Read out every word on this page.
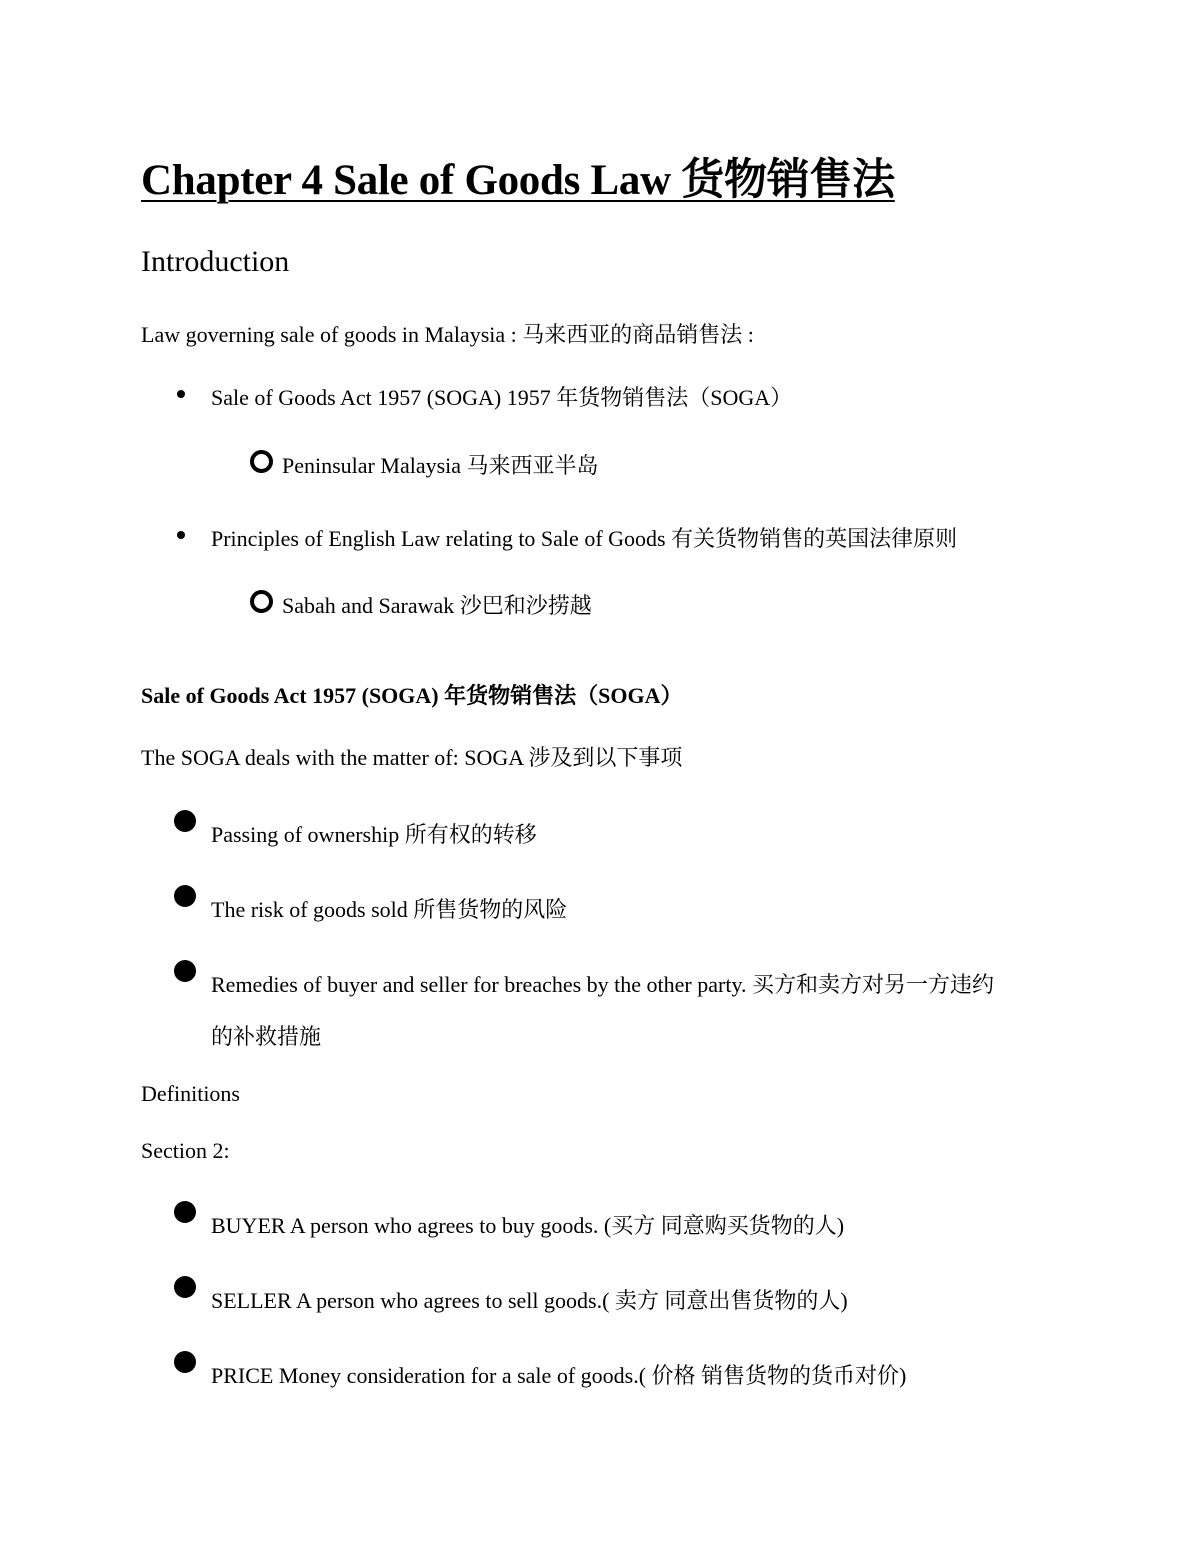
Chapter 4 Sale of Goods Law 货物销售法
Introduction
Law governing sale of goods in Malaysia : 马来西亚的商品销售法 :
Sale of Goods Act 1957 (SOGA) 1957 年货物销售法（SOGA）
Peninsular Malaysia 马来西亚半岛
Principles of English Law relating to Sale of Goods 有关货物销售的英国法律原则
Sabah and Sarawak 沙巴和沙捞越
Sale of Goods Act 1957 (SOGA) 年货物销售法（SOGA）
The SOGA deals with the matter of: SOGA 涉及到以下事项
Passing of ownership 所有权的转移
The risk of goods sold 所售货物的风险
Remedies of buyer and seller for breaches by the other party. 买方和卖方对另一方违约
的补救措施
Definitions
Section 2:
BUYER A person who agrees to buy goods. (买方 同意购买货物的人)
SELLER A person who agrees to sell goods.( 卖方 同意出售货物的人)
PRICE Money consideration for a sale of goods.( 价格 销售货物的货币对价)
